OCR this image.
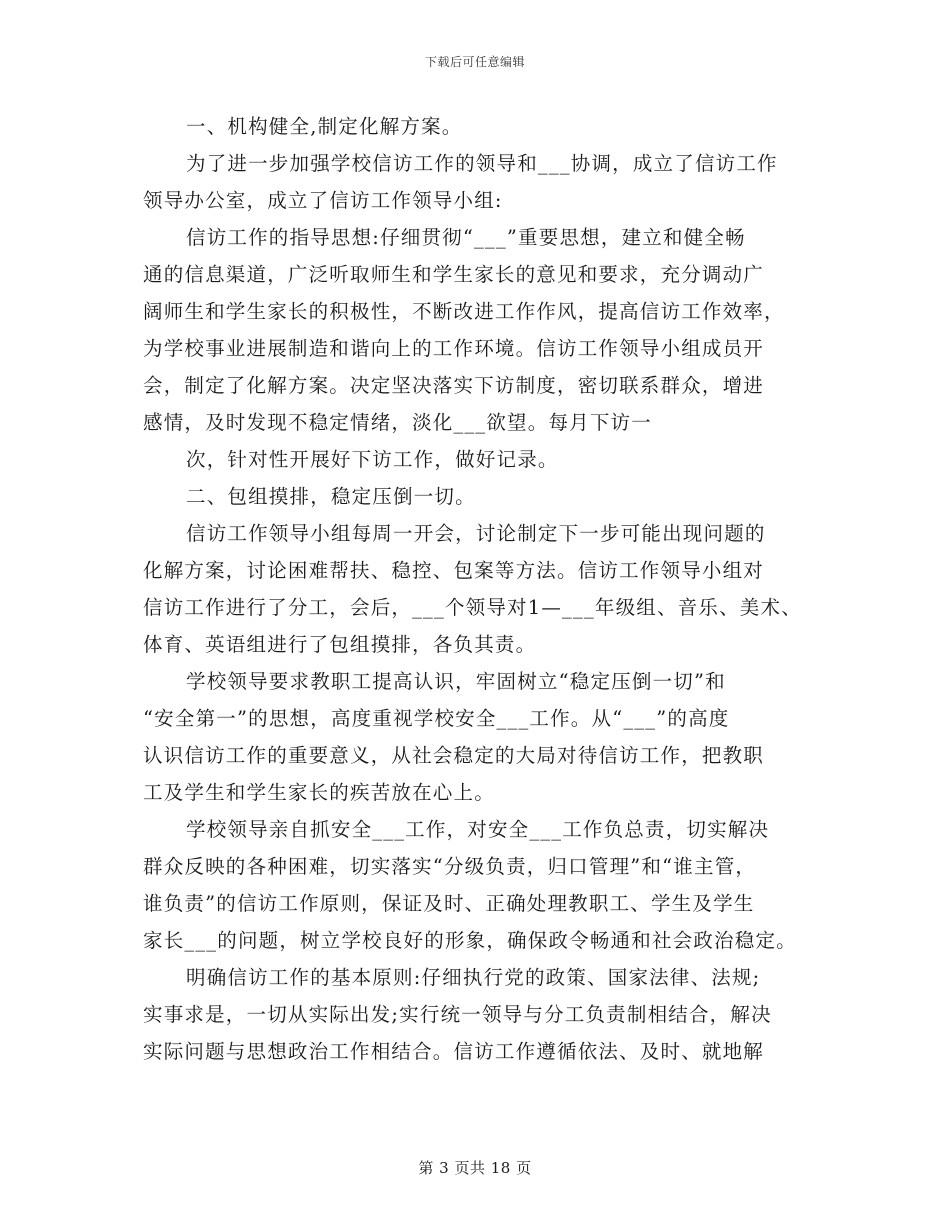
下载后可任意编辑
一、机构健全,制定化解方案。
为了进一步加强学校信访工作的领导和___协调，成立了信访工作
领导办公室，成立了信访工作领导小组:
信访工作的指导思想:仔细贯彻“___”重要思想，建立和健全畅
通的信息渠道，广泛听取师生和学生家长的意见和要求，充分调动广
阔师生和学生家长的积极性，不断改进工作作风，提高信访工作效率，
为学校事业进展制造和谐向上的工作环境。信访工作领导小组成员开
会，制定了化解方案。决定坚决落实下访制度，密切联系群众，增进
感情，及时发现不稳定情绪，淡化___欲望。每月下访一
次，针对性开展好下访工作，做好记录。
二、包组摸排，稳定压倒一切。
信访工作领导小组每周一开会，讨论制定下一步可能出现问题的
化解方案，讨论困难帮扶、稳控、包案等方法。信访工作领导小组对
信访工作进行了分工，会后，___个领导对1—___年级组、音乐、美术、
体育、英语组进行了包组摸排，各负其责。
学校领导要求教职工提高认识，牢固树立“稳定压倒一切”和
“安全第一”的思想，高度重视学校安全___工作。从“___”的高度
认识信访工作的重要意义，从社会稳定的大局对待信访工作，把教职
工及学生和学生家长的疾苦放在心上。
学校领导亲自抓安全___工作，对安全___工作负总责，切实解决
群众反映的各种困难，切实落实“分级负责，归口管理”和“谁主管，
谁负责”的信访工作原则，保证及时、正确处理教职工、学生及学生
家长___的问题，树立学校良好的形象，确保政令畅通和社会政治稳定。
明确信访工作的基本原则:仔细执行党的政策、国家法律、法规;
实事求是，一切从实际出发;实行统一领导与分工负责制相结合，解决
实际问题与思想政治工作相结合。信访工作遵循依法、及时、就地解
第 3 页共 18 页
